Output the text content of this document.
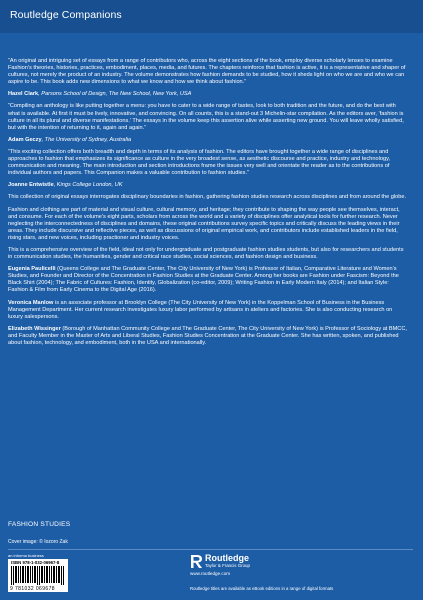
Routledge Companions

“An original and intriguing set of essays from a range of contributors who, across the eight sections of the book, employ diverse scholarly lenses to examine Fashion’s theories, histories, practices, embodiment, places, media, and futures. The chapters reinforce that fashion is active, it is a representative and shaper of cultures, not merely the product of an industry. The volume demonstrates how fashion demands to be studied, how it sheds light on who we are and who we can aspire to be. This book adds new dimensions to what we know and how we think about fashion.”

Hazel Clark, Parsons School of Design, The New School, New York, USA

“Compiling an anthology is like putting together a menu: you have to cater to a wide range of tastes, look to both tradition and the future, and do the best with what is available. At first it must be lively, innovative, and convincing. On all counts, this is a stand-out 3 Michelin-star compilation. As the editors aver, ‘fashion is culture in all its plural and diverse manifestations.’ The essays in the volume keep this assertion alive while asserting new ground. You will leave wholly satisfied, but with the intention of returning to it, again and again.”

Adam Geczy, The University of Sydney, Australia

“This exciting collection offers both breadth and depth in terms of its analysis of fashion. The editors have brought together a wide range of disciplines and approaches to fashion that emphasizes its significance as culture in the very broadest sense, as aesthetic discourse and practice, industry and technology, communication and meaning. The main introduction and section introductions frame the issues very well and orientate the reader as to the contributions of individual authors and papers. This Companion makes a valuable contribution to fashion studies.”

Joanne Entwistle, Kings College London, UK

This collection of original essays interrogates disciplinary boundaries in fashion, gathering fashion studies research across disciplines and from around the globe.

Fashion and clothing are part of material and visual culture, cultural memory, and heritage; they contribute to shaping the way people see themselves, interact, and consume. For each of the volume’s eight parts, scholars from across the world and a variety of disciplines offer analytical tools for further research. Never neglecting the interconnectedness of disciplines and domains, these original contributions survey specific topics and critically discuss the leading views in their areas. They include discursive and reflective pieces, as well as discussions of original empirical work, and contributors include established leaders in the field, rising stars, and new voices, including practioner and industry voices.

This is a comprehensive overview of the field, ideal not only for undergraduate and postgraduate fashion studies students, but also for researchers and students in communication studies, the humanities, gender and critical race studies, social sciences, and fashion design and business.

Eugenia Paulicelli (Queens College and The Graduate Center, The City University of New York) is Professor of Italian, Comparative Literature and Women’s Studies, and Founder and Director of the Concentration in Fashion Studies at the Graduate Center. Among her books are Fashion under Fascism: Beyond the Black Shirt (2004); The Fabric of Cultures: Fashion, Identity, Globalization (co-editor, 2009); Writing Fashion in Early Modern Italy (2014); and Italian Style: Fashion & Film from Early Cinema to the Digital Age (2016).

Veronica Manlow is an associate professor at Brooklyn College (The City University of New York) in the Koppelman School of Business in the Business Management Department. Her current research investigates luxury labor performed by artisans in ateliers and factories. She is also conducting research on luxury salespersons.

Elizabeth Wissinger (Borough of Manhattan Community College and The Graduate Center, The City University of New York) is Professor of Sociology at BMCC, and Faculty Member in the Master of Arts and Liberal Studies, Fashion Studies Concentration at the Graduate Center. She has written, spoken, and published about fashion, technology, and embodiment, both in the USA and internationally.

FASHION STUDIES
Cover image: © Iozoro Zak
an informa business
ISBN 978-1-032-06967-8
9 781032 069678
Routledge
Taylor & Francis Group
www.routledge.com
Routledge titles are available as eBook editions in a range of digital formats
